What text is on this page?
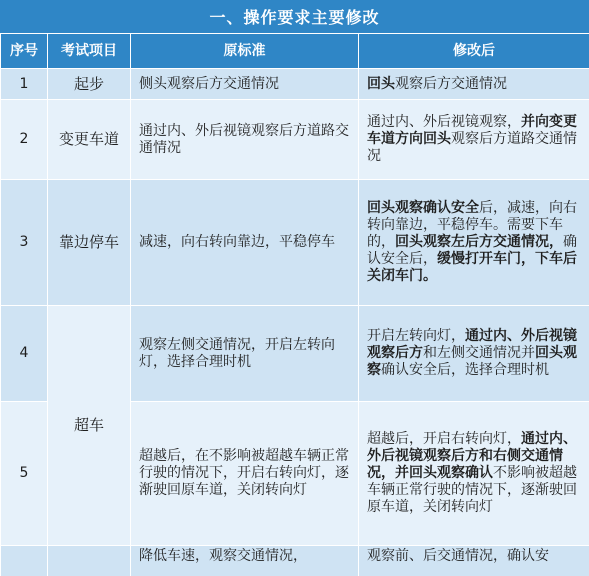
一、操作要求主要修改
序号	考试项目	原标准	修改后
1	起步	侧头观察后方交通情况	回头观察后方交通情况
2	变更车道	通过内、外后视镜观察后方道路交通情况	通过内、外后视镜观察，并向变更车道方向回头观察后方道路交通情况
3	靠边停车	减速，向右转向靠边，平稳停车	回头观察确认安全后，减速，向右转向靠边，平稳停车。需要下车的，回头观察左后方交通情况，确认安全后，缓慢打开车门，下车后关闭车门。
4	超车	观察左侧交通情况，开启左转向灯，选择合理时机	开启左转向灯，通过内、外后视镜观察后方和左侧交通情况并回头观察确认安全后，选择合理时机
5		超越后，在不影响被超越车辆正常行驶的情况下，开启右转向灯，逐渐驶回原车道，关闭转向灯	超越后，开启右转向灯，通过内、外后视镜观察后方和右侧交通情况，并回头观察确认不影响被超越车辆正常行驶的情况下，逐渐驶回原车道，关闭转向灯
		降低车速，观察交通情况，	观察前、后交通情况，确认安
